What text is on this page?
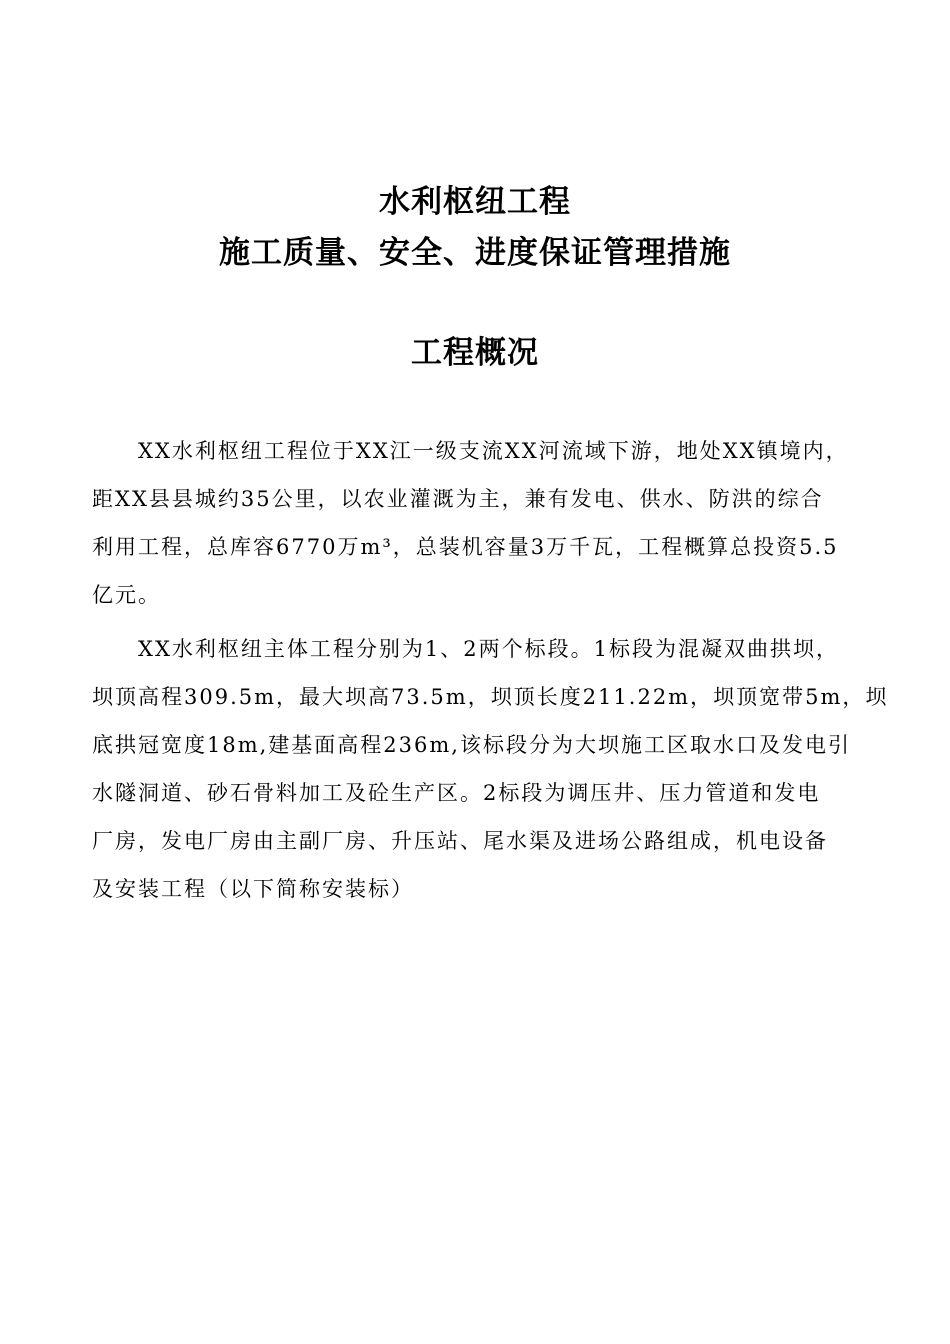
水利枢纽工程
施工质量、安全、进度保证管理措施
工程概况
XX水利枢纽工程位于XX江一级支流XX河流域下游，地处XX镇境内，
距XX县县城约35公里，以农业灌溉为主，兼有发电、供水、防洪的综合
利用工程，总库容6770万m³，总装机容量3万千瓦，工程概算总投资5.5
亿元。
XX水利枢纽主体工程分别为1、2两个标段。1标段为混凝双曲拱坝，
坝顶高程309.5m，最大坝高73.5m，坝顶长度211.22m，坝顶宽带5m，坝
底拱冠宽度18m,建基面高程236m,该标段分为大坝施工区取水口及发电引
水隧洞道、砂石骨料加工及砼生产区。2标段为调压井、压力管道和发电
厂房，发电厂房由主副厂房、升压站、尾水渠及进场公路组成，机电设备
及安装工程（以下简称安装标）
